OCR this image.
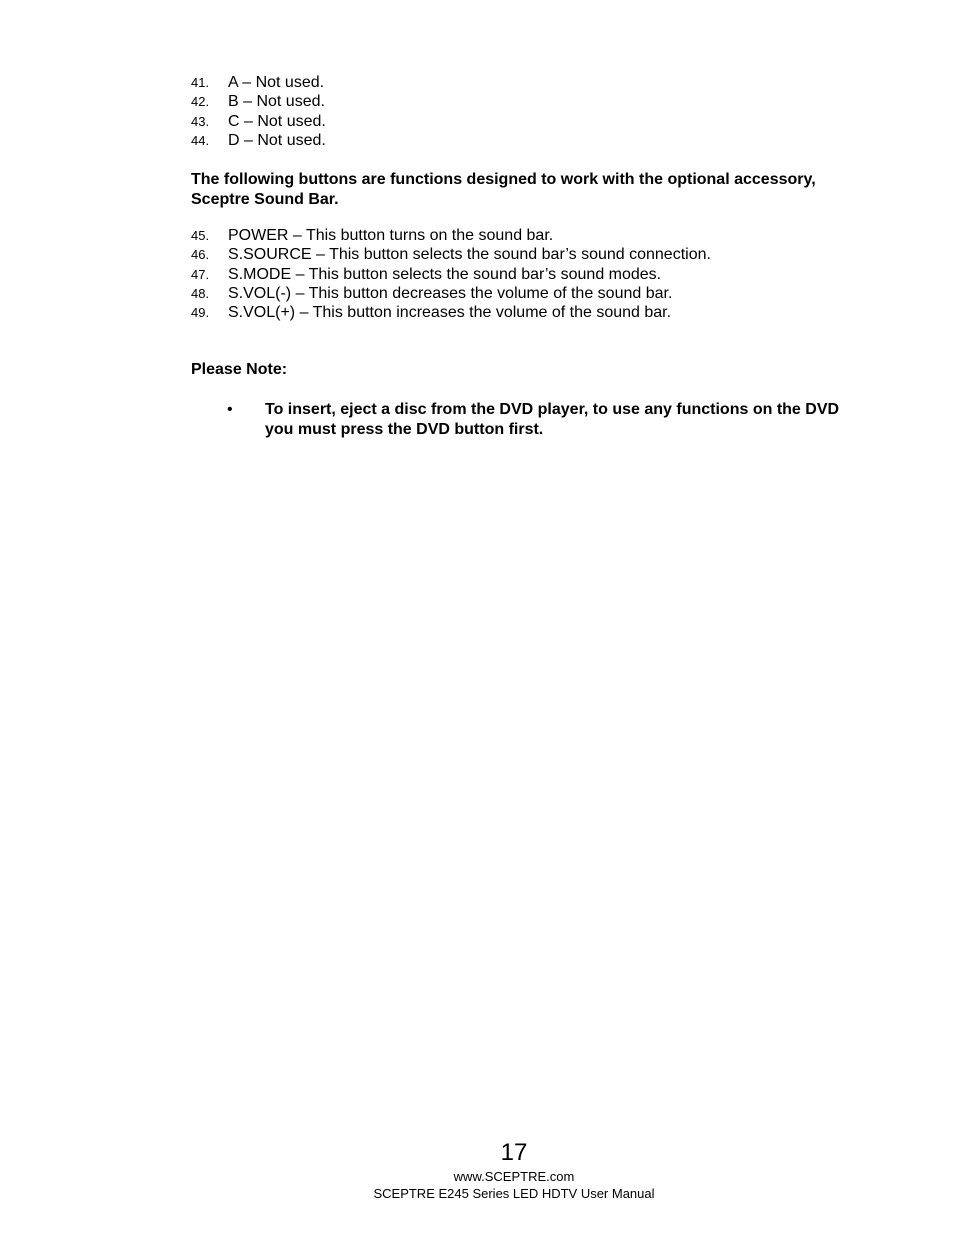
41.	A – Not used.
42.	B – Not used.
43.	C – Not used.
44.	D – Not used.

The following buttons are functions designed to work with the optional accessory, Sceptre Sound Bar.

45.	POWER – This button turns on the sound bar.
46.	S.SOURCE – This button selects the sound bar’s sound connection.
47.	S.MODE – This button selects the sound bar’s sound modes.
48.	S.VOL(-) – This button decreases the volume of the sound bar.
49.	S.VOL(+) – This button increases the volume of the sound bar.

Please Note:

•	To insert, eject a disc from the DVD player, to use any functions on the DVD you must press the DVD button first.
17
www.SCEPTRE.com
SCEPTRE E245 Series LED HDTV User Manual
